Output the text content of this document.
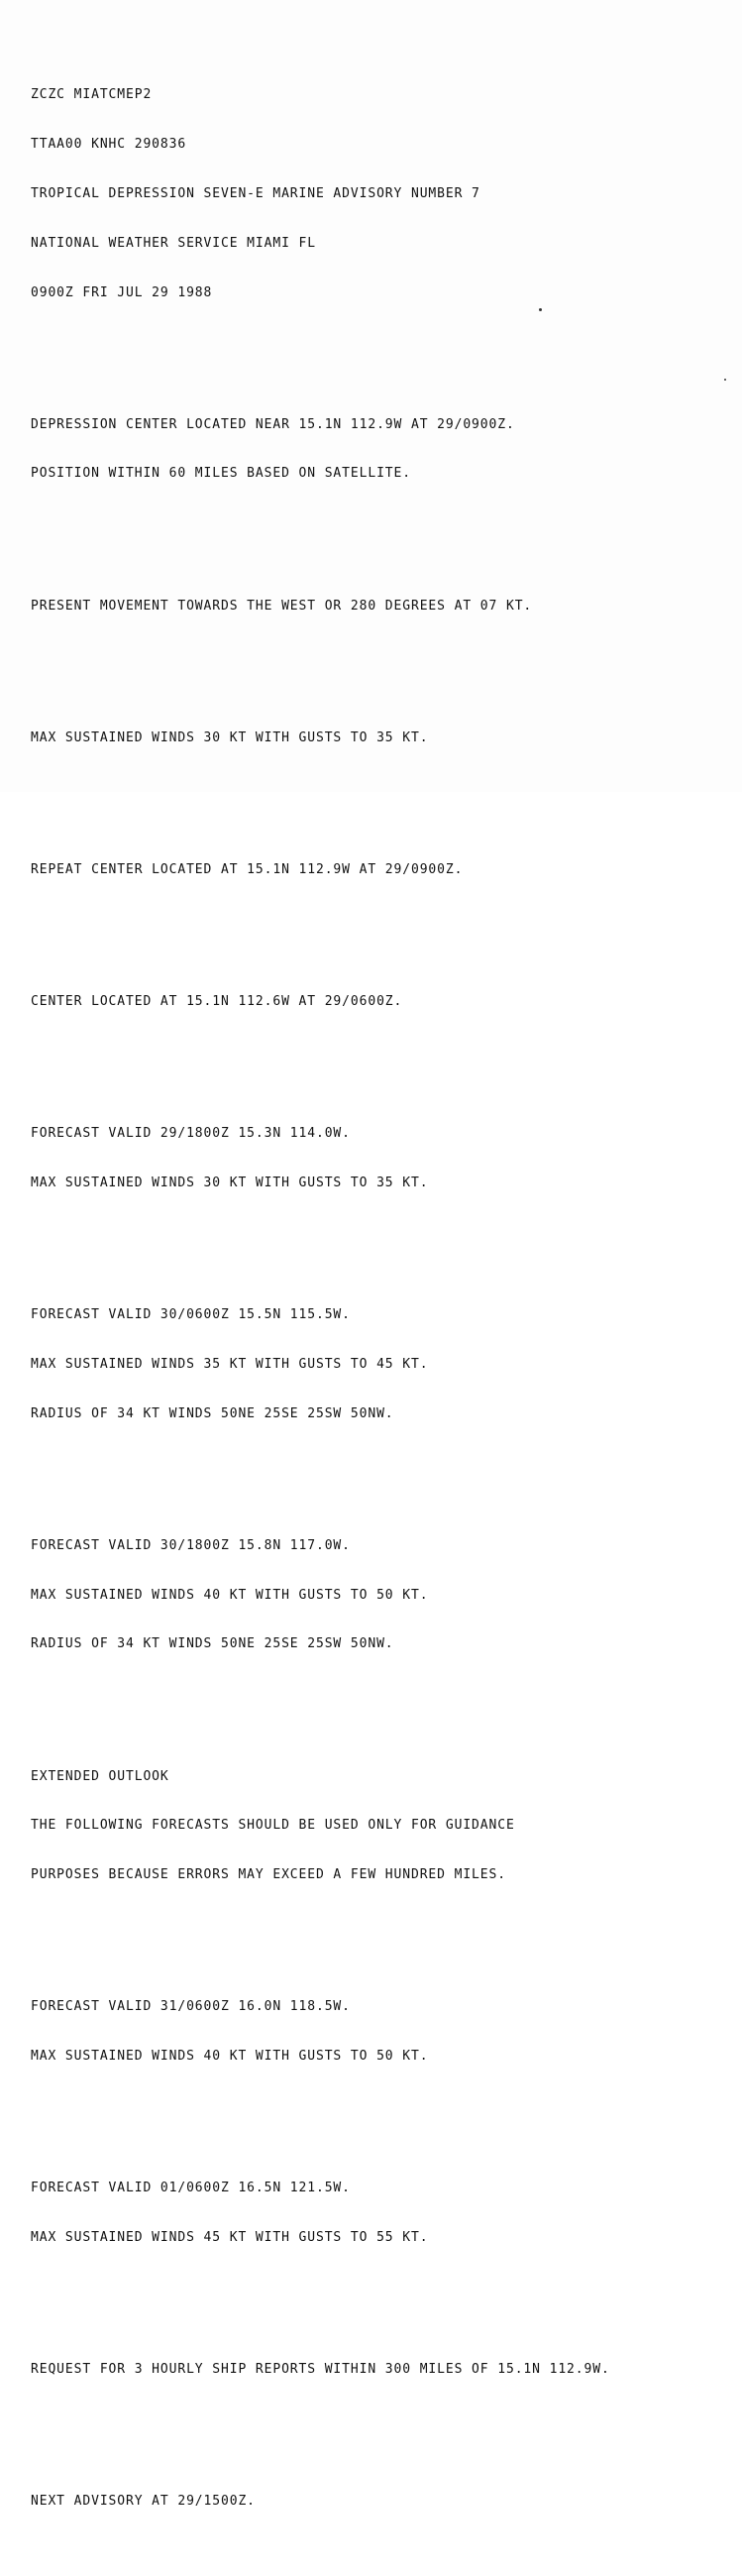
ZCZC MIATCMEP2

TTAA00 KNHC 290836

TROPICAL DEPRESSION SEVEN-E MARINE ADVISORY NUMBER 7

NATIONAL WEATHER SERVICE MIAMI FL

0900Z FRI JUL 29 1988

DEPRESSION CENTER LOCATED NEAR 15.1N 112.9W AT 29/0900Z.

POSITION WITHIN 60 MILES BASED ON SATELLITE.

PRESENT MOVEMENT TOWARDS THE WEST OR 280 DEGREES AT 07 KT.

MAX SUSTAINED WINDS 30 KT WITH GUSTS TO 35 KT.

REPEAT CENTER LOCATED AT 15.1N 112.9W AT 29/0900Z.

CENTER LOCATED AT 15.1N 112.6W AT 29/0600Z.

FORECAST VALID 29/1800Z 15.3N 114.0W.

MAX SUSTAINED WINDS 30 KT WITH GUSTS TO 35 KT.

FORECAST VALID 30/0600Z 15.5N 115.5W.

MAX SUSTAINED WINDS 35 KT WITH GUSTS TO 45 KT.

RADIUS OF 34 KT WINDS 50NE 25SE 25SW 50NW.

FORECAST VALID 30/1800Z 15.8N 117.0W.

MAX SUSTAINED WINDS 40 KT WITH GUSTS TO 50 KT.

RADIUS OF 34 KT WINDS 50NE 25SE 25SW 50NW.

EXTENDED OUTLOOK

THE FOLLOWING FORECASTS SHOULD BE USED ONLY FOR GUIDANCE

PURPOSES BECAUSE ERRORS MAY EXCEED A FEW HUNDRED MILES.

FORECAST VALID 31/0600Z 16.0N 118.5W.

MAX SUSTAINED WINDS 40 KT WITH GUSTS TO 50 KT.

FORECAST VALID 01/0600Z 16.5N 121.5W.

MAX SUSTAINED WINDS 45 KT WITH GUSTS TO 55 KT.

REQUEST FOR 3 HOURLY SHIP REPORTS WITHIN 300 MILES OF 15.1N 112.9W.

NEXT ADVISORY AT 29/1500Z.
